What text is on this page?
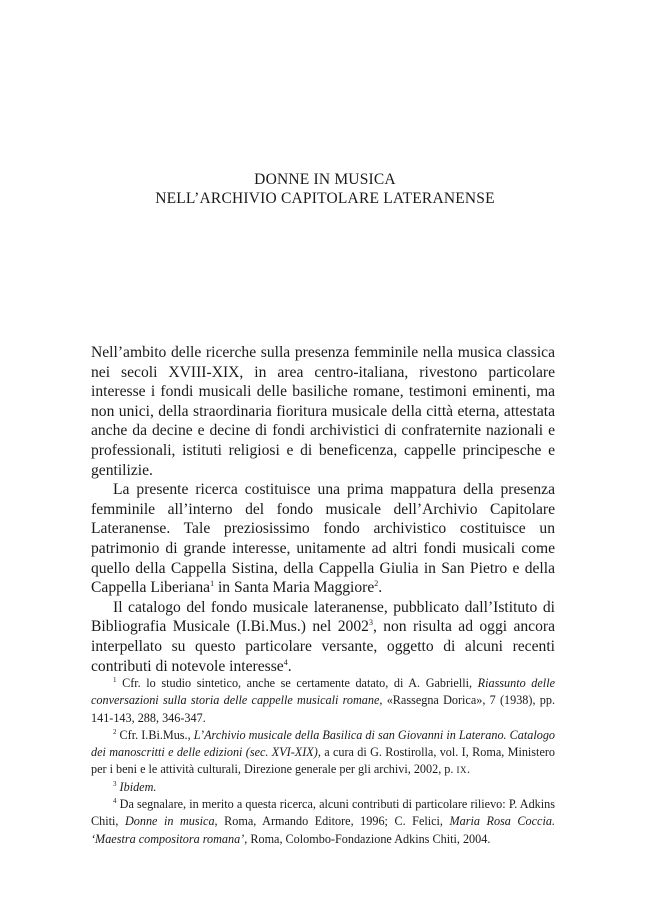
DONNE IN MUSICA
NELL’ARCHIVIO CAPITOLARE LATERANENSE

Nell’ambito delle ricerche sulla presenza femminile nella musica classica nei secoli XVIII-XIX, in area centro-italiana, rivestono particolare interesse i fondi musicali delle basiliche romane, testimoni eminenti, ma non unici, della straordinaria fioritura musicale della città eterna, attestata anche da decine e decine di fondi archivistici di confraternite nazionali e professionali, istituti religiosi e di beneficenza, cappelle principesche e gentilizie.

La presente ricerca costituisce una prima mappatura della presenza femminile all’interno del fondo musicale dell’Archivio Capitolare Lateranense. Tale preziosissimo fondo archivistico costituisce un patrimonio di grande interesse, unitamente ad altri fondi musicali come quello della Cappella Sistina, della Cappella Giulia in San Pietro e della Cappella Liberiana$^1$ in Santa Maria Maggiore$^2$.

Il catalogo del fondo musicale lateranense, pubblicato dall’Istituto di Bibliografia Musicale (I.Bi.Mus.) nel 2002$^3$, non risulta ad oggi ancora interpellato su questo particolare versante, oggetto di alcuni recenti contributi di notevole interesse$^4$.

$^1$ Cfr. lo studio sintetico, anche se certamente datato, di A. Gabrielli, Riassunto delle conversazioni sulla storia delle cappelle musicali romane, «Rassegna Dorica», 7 (1938), pp. 141-143, 288, 346-347.

$^2$ Cfr. I.Bi.Mus., L’Archivio musicale della Basilica di san Giovanni in Laterano. Catalogo dei manoscritti e delle edizioni (sec. XVI-XIX), a cura di G. Rostirolla, vol. I, Roma, Ministero per i beni e le attività culturali, Direzione generale per gli archivi, 2002, p. ix.

$^3$ Ibidem.

$^4$ Da segnalare, in merito a questa ricerca, alcuni contributi di particolare rilievo: P. Adkins Chiti, Donne in musica, Roma, Armando Editore, 1996; C. Felici, Maria Rosa Coccia. ‘Maestra compositora romana’, Roma, Colombo-Fondazione Adkins Chiti, 2004.
